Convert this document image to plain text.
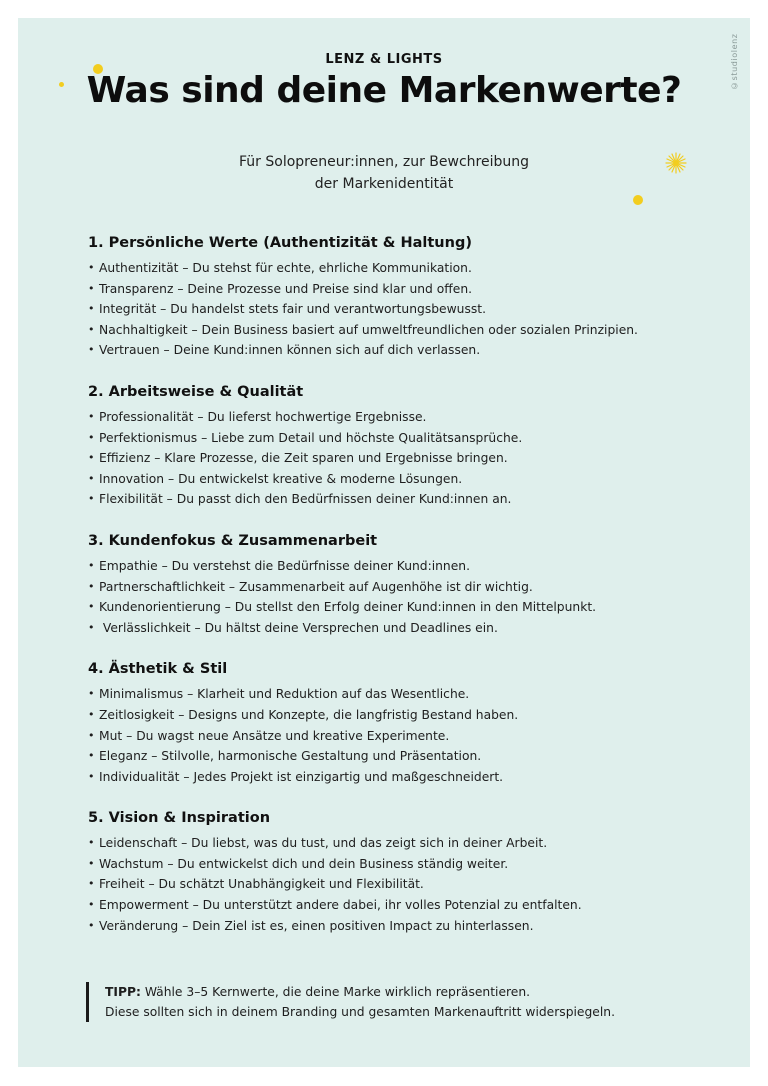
©studiolenz
LENZ & LIGHTS
Was sind deine Markenwerte?
Für Solopreneur:innen, zur Bewchreibung
der Markenidentität
1. Persönliche Werte (Authentizität & Haltung)
• Authentizität – Du stehst für echte, ehrliche Kommunikation.
• Transparenz – Deine Prozesse und Preise sind klar und offen.
• Integrität – Du handelst stets fair und verantwortungsbewusst.
• Nachhaltigkeit – Dein Business basiert auf umweltfreundlichen oder sozialen Prinzipien.
• Vertrauen – Deine Kund:innen können sich auf dich verlassen.
2. Arbeitsweise & Qualität
• Professionalität – Du lieferst hochwertige Ergebnisse.
• Perfektionismus – Liebe zum Detail und höchste Qualitätsansprüche.
• Effizienz – Klare Prozesse, die Zeit sparen und Ergebnisse bringen.
• Innovation – Du entwickelst kreative & moderne Lösungen.
• Flexibilität – Du passt dich den Bedürfnissen deiner Kund:innen an.
3. Kundenfokus & Zusammenarbeit
• Empathie – Du verstehst die Bedürfnisse deiner Kund:innen.
• Partnerschaftlichkeit – Zusammenarbeit auf Augenhöhe ist dir wichtig.
• Kundenorientierung – Du stellst den Erfolg deiner Kund:innen in den Mittelpunkt.
•  Verlässlichkeit – Du hältst deine Versprechen und Deadlines ein.
4. Ästhetik & Stil
• Minimalismus – Klarheit und Reduktion auf das Wesentliche.
• Zeitlosigkeit – Designs und Konzepte, die langfristig Bestand haben.
• Mut – Du wagst neue Ansätze und kreative Experimente.
• Eleganz – Stilvolle, harmonische Gestaltung und Präsentation.
• Individualität – Jedes Projekt ist einzigartig und maßgeschneidert.
5. Vision & Inspiration
• Leidenschaft – Du liebst, was du tust, und das zeigt sich in deiner Arbeit.
• Wachstum – Du entwickelst dich und dein Business ständig weiter.
• Freiheit – Du schätzt Unabhängigkeit und Flexibilität.
• Empowerment – Du unterstützt andere dabei, ihr volles Potenzial zu entfalten.
• Veränderung – Dein Ziel ist es, einen positiven Impact zu hinterlassen.
TIPP: Wähle 3–5 Kernwerte, die deine Marke wirklich repräsentieren.
Diese sollten sich in deinem Branding und gesamten Markenauftritt widerspiegeln.
